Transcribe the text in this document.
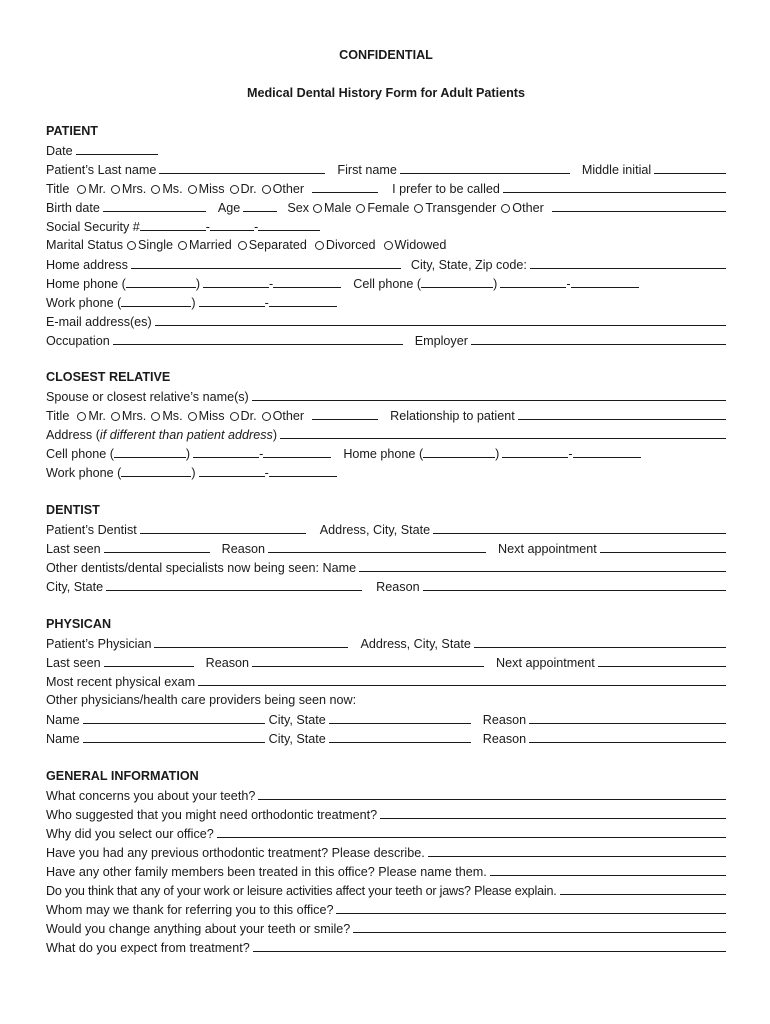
CONFIDENTIAL
Medical Dental History Form for Adult Patients
PATIENT
Date
Patient’s Last name	First name	Middle initial
Title Mr. Mrs. Ms. Miss Dr. Other	I prefer to be called
Birth date	Age	Sex Male Female Transgender Other
Social Security #	-	-
Marital Status Single Married Separated Divorced Widowed
Home address	City, State, Zip code:
Home phone (	)	-	Cell phone (	)	-
Work phone (	)	-
E-mail address(es)
Occupation	Employer
CLOSEST RELATIVE
Spouse or closest relative’s name(s)
Title Mr. Mrs. Ms. Miss Dr. Other	Relationship to patient
Address ( if different than patient address )
Cell phone (	)	-	Home phone (	)	-
Work phone (	)	-
DENTIST
Patient’s Dentist	Address, City, State
Last seen	Reason	Next appointment
Other dentists/dental specialists now being seen: Name
City, State	Reason
PHYSICAN
Patient’s Physician	Address, City, State
Last seen	Reason	Next appointment
Most recent physical exam
Other physicians/health care providers being seen now:
Name	City, State	Reason
Name	City, State	Reason
GENERAL INFORMATION
What concerns you about your teeth?
Who suggested that you might need orthodontic treatment?
Why did you select our office?
Have you had any previous orthodontic treatment? Please describe.
Have any other family members been treated in this office? Please name them.
Do you think that any of your work or leisure activities affect your teeth or jaws? Please explain.
Whom may we thank for referring you to this office?
Would you change anything about your teeth or smile?
What do you expect from treatment?
